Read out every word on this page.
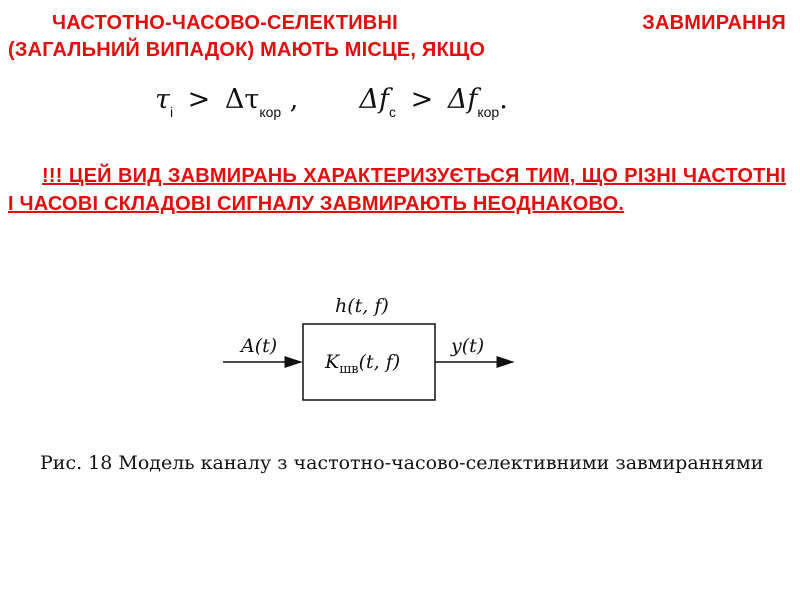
ЧАСТОТНО-ЧАСОВО-СЕЛЕКТИВНІ	ЗАВМИРАННЯ
(ЗАГАЛЬНИЙ ВИПАДОК) МАЮТЬ МІСЦЕ, ЯКЩО
$\tau_i > \Delta\tau_{кор}$ , $\Delta f_c > \Delta f_{кор}$.
!!! ЦЕЙ ВИД ЗАВМИРАНЬ ХАРАКТЕРИЗУЄТЬСЯ ТИМ, ЩО РІЗНІ ЧАСТОТНІ І ЧАСОВІ СКЛАДОВІ СИГНАЛУ ЗАВМИРАЮТЬ НЕОДНАКОВО.
h(t, f)
$K_{шв}(t$, f)
A(t)	y(t)
Рис. 18 Модель каналу з частотно-часово-селективними завмираннями
